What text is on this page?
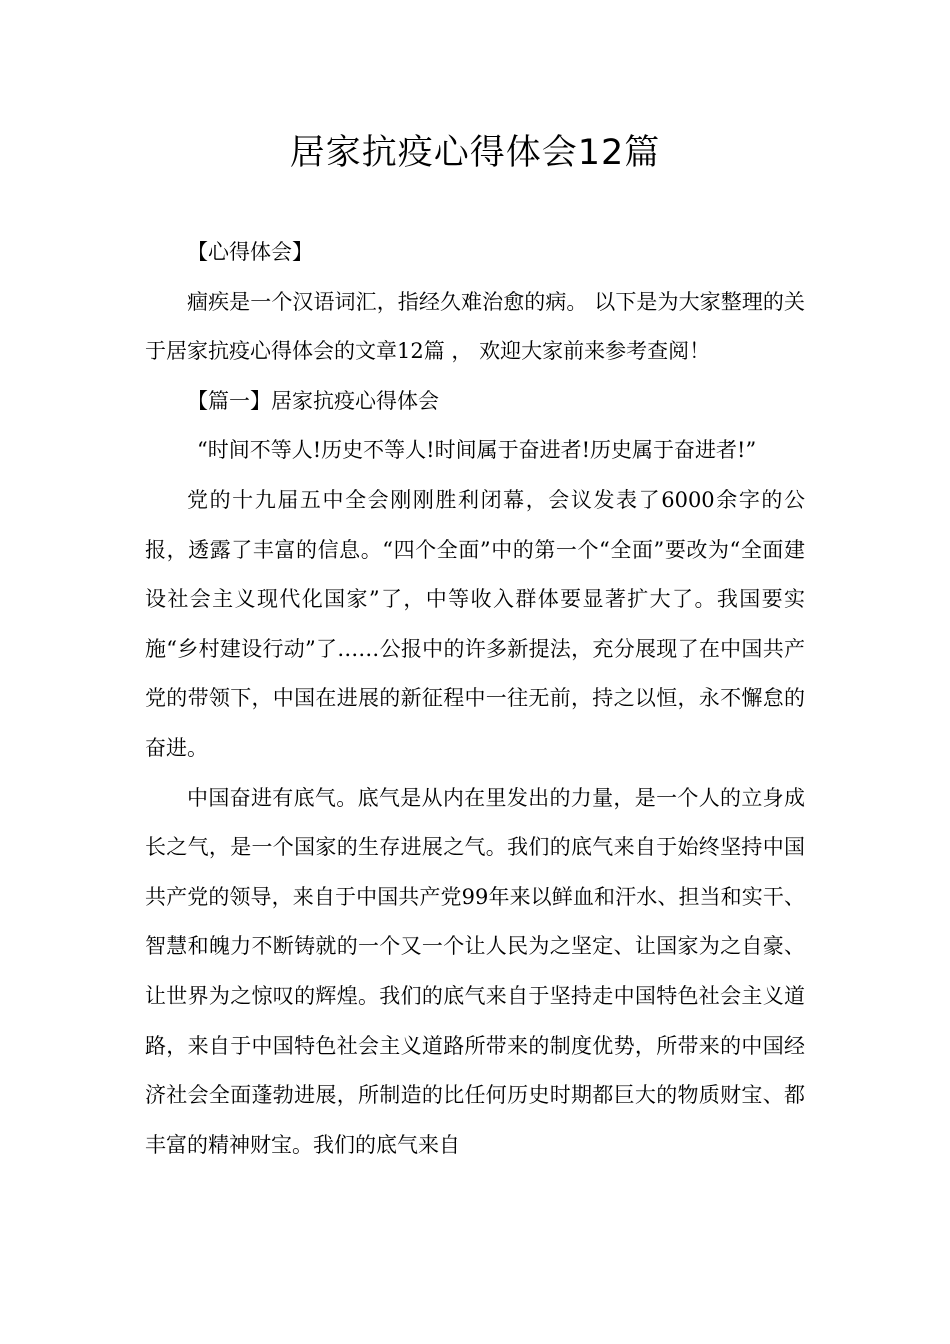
居家抗疫心得体会12篇

【心得体会】

痼疾是一个汉语词汇，指经久难治愈的病。 以下是为大家整理的关于居家抗疫心得体会的文章12篇 ， 欢迎大家前来参考查阅！

【篇一】居家抗疫心得体会

“时间不等人!历史不等人!时间属于奋进者!历史属于奋进者!”

党的十九届五中全会刚刚胜利闭幕，会议发表了6000余字的公报，透露了丰富的信息。“四个全面”中的第一个“全面”要改为“全面建设社会主义现代化国家”了，中等收入群体要显著扩大了。我国要实施“乡村建设行动”了……公报中的许多新提法，充分展现了在中国共产党的带领下，中国在进展的新征程中一往无前，持之以恒，永不懈怠的奋进。

中国奋进有底气。底气是从内在里发出的力量，是一个人的立身成长之气，是一个国家的生存进展之气。我们的底气来自于始终坚持中国共产党的领导，来自于中国共产党99年来以鲜血和汗水、担当和实干、智慧和魄力不断铸就的一个又一个让人民为之坚定、让国家为之自豪、让世界为之惊叹的辉煌。我们的底气来自于坚持走中国特色社会主义道路，来自于中国特色社会主义道路所带来的制度优势，所带来的中国经济社会全面蓬勃进展，所制造的比任何历史时期都巨大的物质财宝、都丰富的精神财宝。我们的底气来自
